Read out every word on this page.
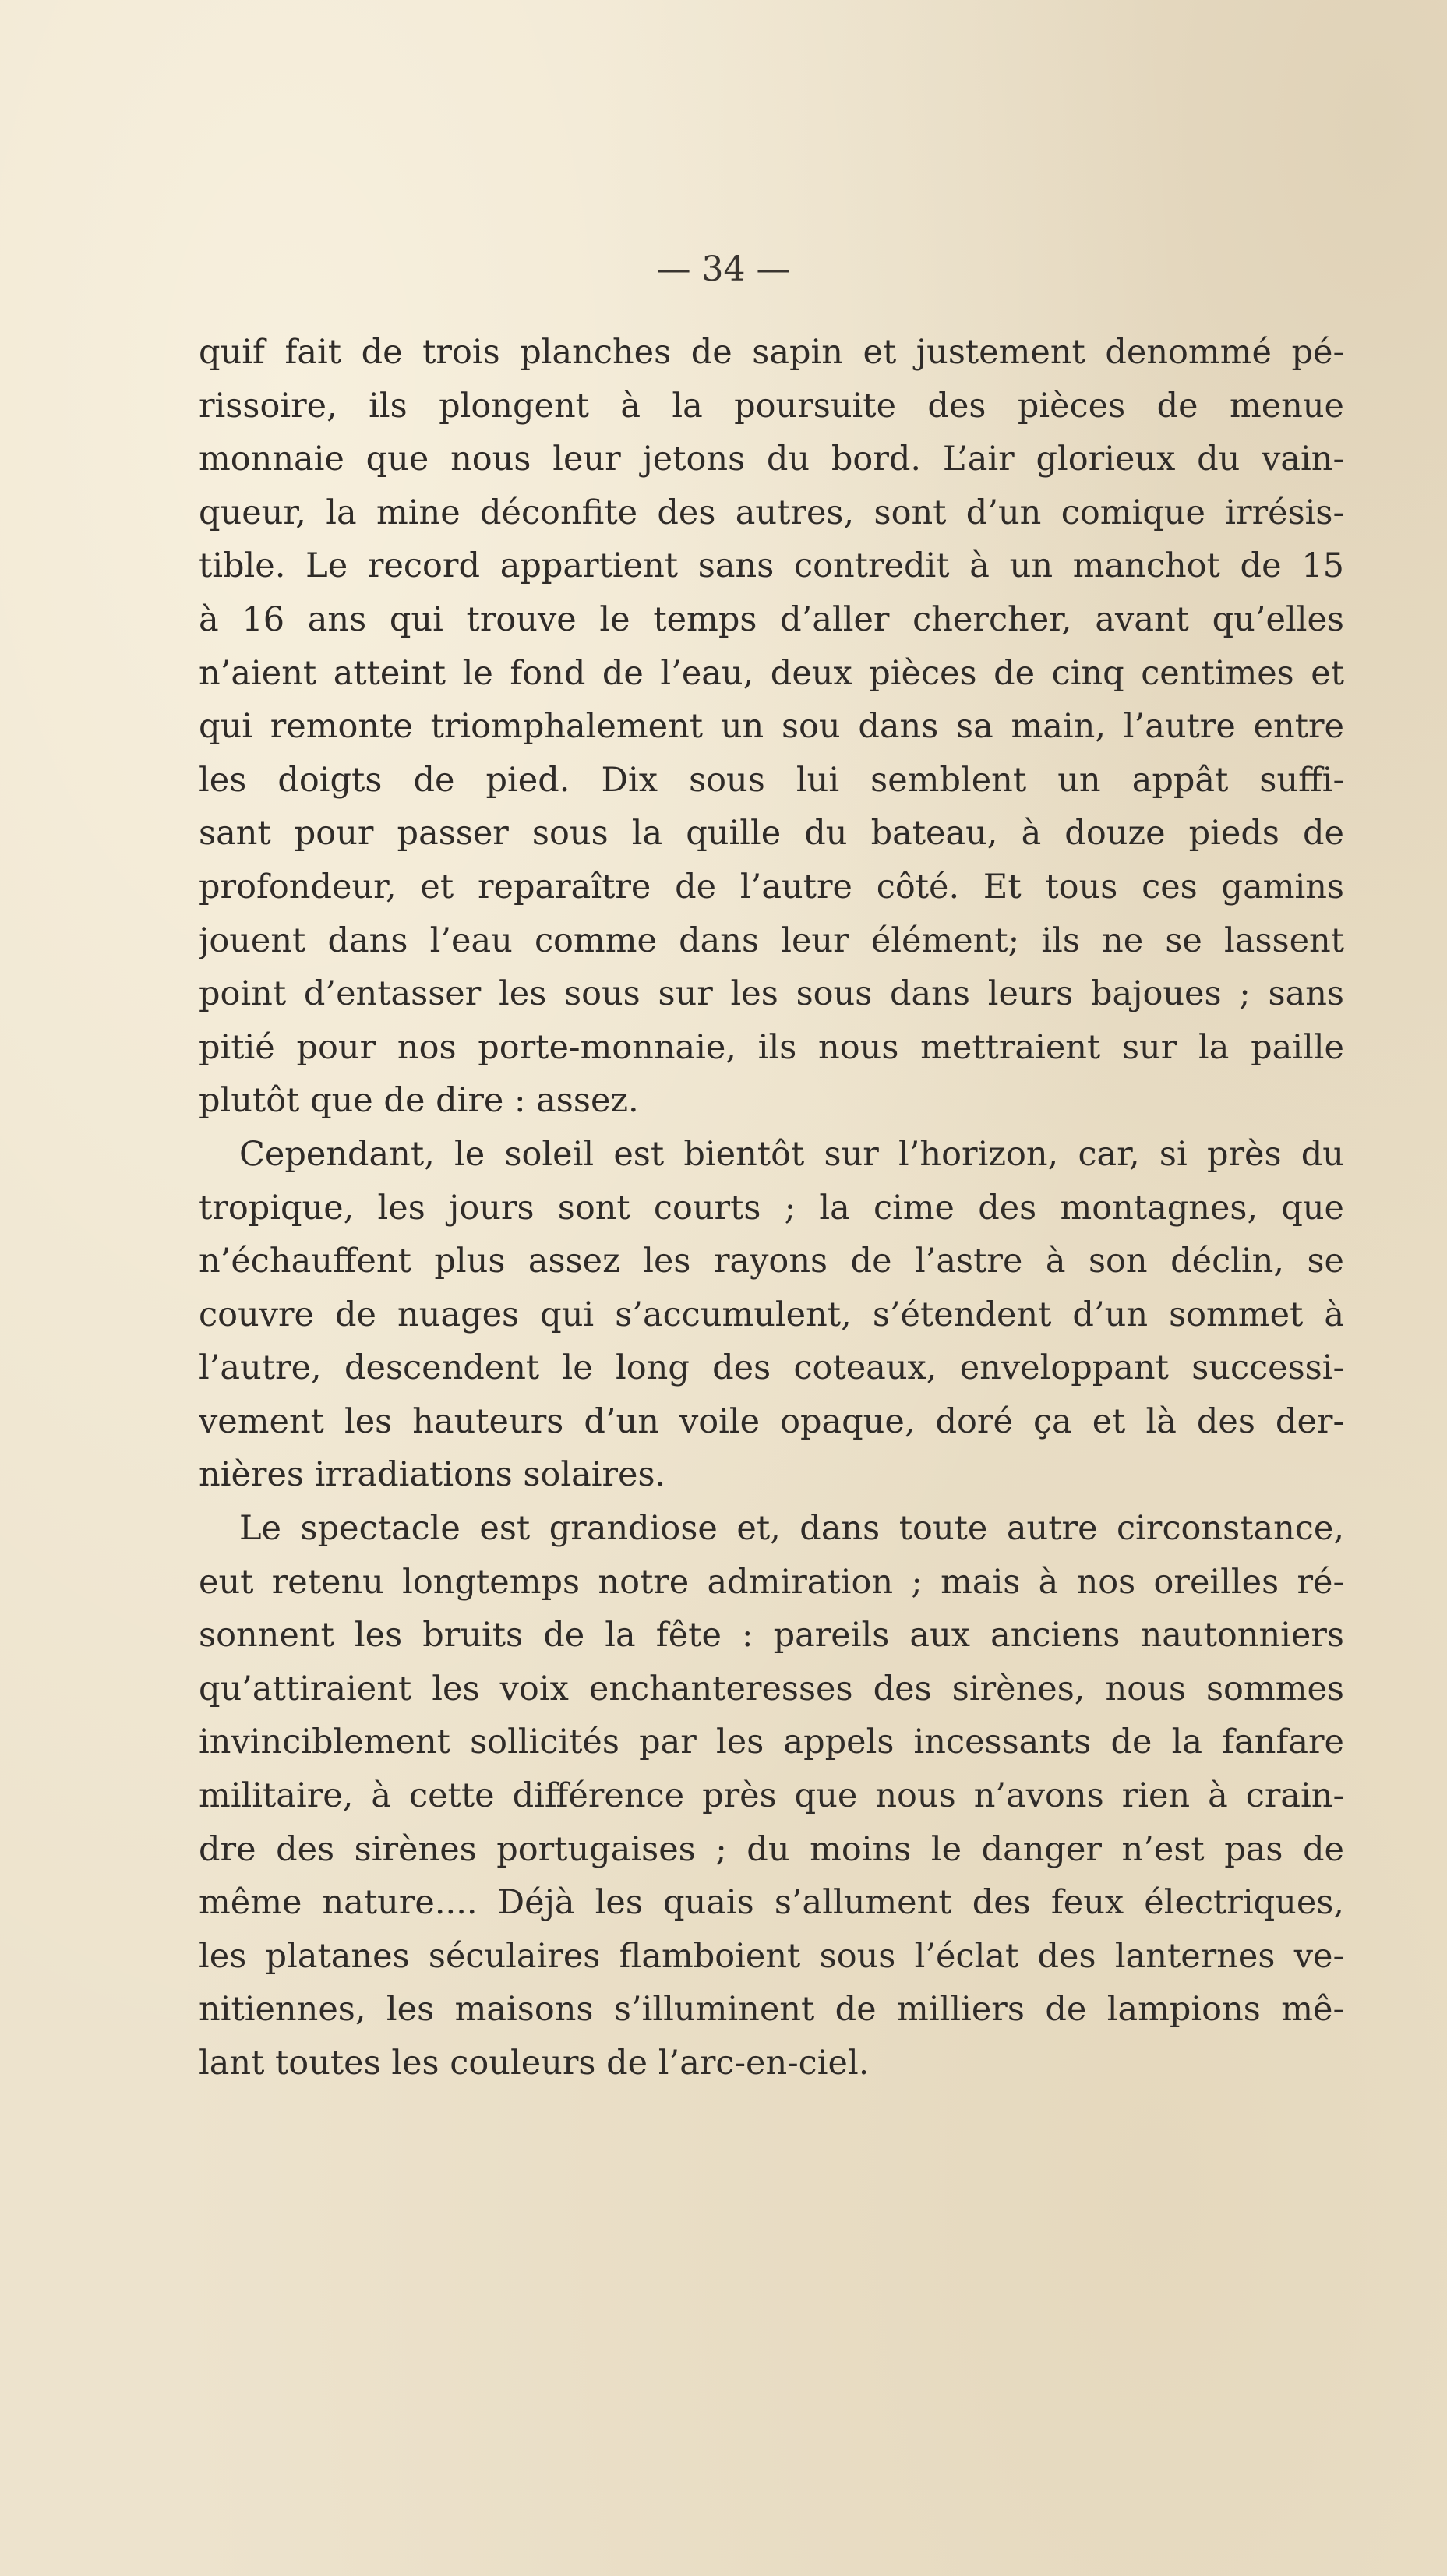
— 34 —
quif fait de trois planches de sapin et justement denommé pé-
rissoire, ils plongent à la poursuite des pièces de menue
monnaie que nous leur jetons du bord. L’air glorieux du vain-
queur, la mine déconfite des autres, sont d’un comique irrésis-
tible. Le record appartient sans contredit à un manchot de 15
à 16 ans qui trouve le temps d’aller chercher, avant qu’elles
n’aient atteint le fond de l’eau, deux pièces de cinq centimes et
qui remonte triomphalement un sou dans sa main, l’autre entre
les doigts de pied. Dix sous lui semblent un appât suffi-
sant pour passer sous la quille du bateau, à douze pieds de
profondeur, et reparaître de l’autre côté. Et tous ces gamins
jouent dans l’eau comme dans leur élément; ils ne se lassent
point d’entasser les sous sur les sous dans leurs bajoues ; sans
pitié pour nos porte-monnaie, ils nous mettraient sur la paille
plutôt que de dire : assez.
Cependant, le soleil est bientôt sur l’horizon, car, si près du
tropique, les jours sont courts ; la cime des montagnes, que
n’échauffent plus assez les rayons de l’astre à son déclin, se
couvre de nuages qui s’accumulent, s’étendent d’un sommet à
l’autre, descendent le long des coteaux, enveloppant successi-
vement les hauteurs d’un voile opaque, doré ça et là des der-
nières irradiations solaires.
Le spectacle est grandiose et, dans toute autre circonstance,
eut retenu longtemps notre admiration ; mais à nos oreilles ré-
sonnent les bruits de la fête : pareils aux anciens nautonniers
qu’attiraient les voix enchanteresses des sirènes, nous sommes
invinciblement sollicités par les appels incessants de la fanfare
militaire, à cette différence près que nous n’avons rien à crain-
dre des sirènes portugaises ; du moins le danger n’est pas de
même nature.... Déjà les quais s’allument des feux électriques,
les platanes séculaires flamboient sous l’éclat des lanternes ve-
nitiennes, les maisons s’illuminent de milliers de lampions mê-
lant toutes les couleurs de l’arc-en-ciel.
